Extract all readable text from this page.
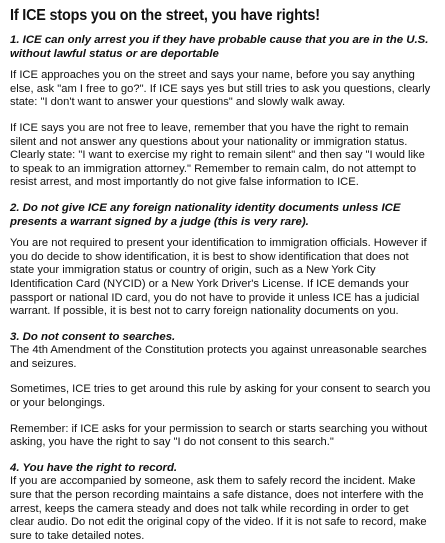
If ICE stops you on the street, you have rights!
1. ICE can only arrest you if they have probable cause that you are in the U.S. without lawful status or are deportable

If ICE approaches you on the street and says your name, before you say anything else, ask "am I free to go?". If ICE says yes but still tries to ask you questions, clearly state: "I don't want to answer your questions" and slowly walk away.

If ICE says you are not free to leave, remember that you have the right to remain silent and not answer any questions about your nationality or immigration status. Clearly state: "I want to exercise my right to remain silent" and then say "I would like to speak to an immigration attorney." Remember to remain calm, do not attempt to resist arrest, and most importantly do not give false information to ICE.

2. Do not give ICE any foreign nationality identity documents unless ICE presents a warrant signed by a judge (this is very rare).

You are not required to present your identification to immigration officials. However if you do decide to show identification, it is best to show identification that does not state your immigration status or country of origin, such as a New York City Identification Card (NYCID) or a New York Driver's License. If ICE demands your passport or national ID card, you do not have to provide it unless ICE has a judicial warrant. If possible, it is best not to carry foreign nationality documents on you.

3. Do not consent to searches.

The 4th Amendment of the Constitution protects you against unreasonable searches and seizures.

Sometimes, ICE tries to get around this rule by asking for your consent to search you or your belongings.

Remember: if ICE asks for your permission to search or starts searching you without asking, you have the right to say "I do not consent to this search."

4. You have the right to record.

If you are accompanied by someone, ask them to safely record the incident. Make sure that the person recording maintains a safe distance, does not interfere with the arrest, keeps the camera steady and does not talk while recording in order to get clear audio. Do not edit the original copy of the video. If it is not safe to record, make sure to take detailed notes.
